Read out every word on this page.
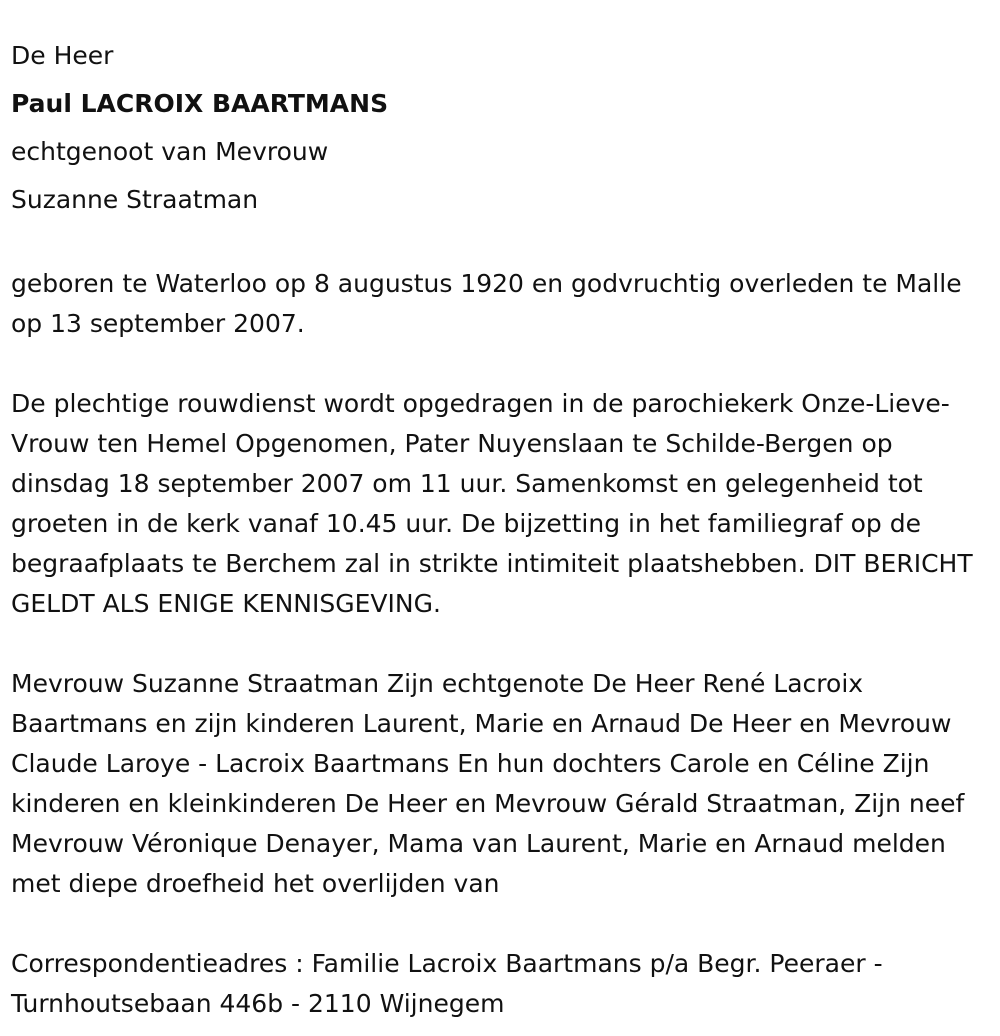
De Heer

Paul LACROIX BAARTMANS

echtgenoot van Mevrouw

Suzanne Straatman

geboren te Waterloo op 8 augustus 1920 en godvruchtig overleden te Malle op 13 september 2007.

De plechtige rouwdienst wordt opgedragen in de parochiekerk Onze-Lieve-Vrouw ten Hemel Opgenomen, Pater Nuyenslaan te Schilde-Bergen op dinsdag 18 september 2007 om 11 uur. Samenkomst en gelegenheid tot groeten in de kerk vanaf 10.45 uur. De bijzetting in het familiegraf op de begraafplaats te Berchem zal in strikte intimiteit plaatshebben. DIT BERICHT GELDT ALS ENIGE KENNISGEVING.

Mevrouw Suzanne Straatman Zijn echtgenote De Heer René Lacroix Baartmans en zijn kinderen Laurent, Marie en Arnaud De Heer en Mevrouw Claude Laroye - Lacroix Baartmans En hun dochters Carole en Céline Zijn kinderen en kleinkinderen De Heer en Mevrouw Gérald Straatman, Zijn neef Mevrouw Véronique Denayer, Mama van Laurent, Marie en Arnaud melden met diepe droefheid het overlijden van

Correspondentieadres : Familie Lacroix Baartmans p/a Begr. Peeraer - Turnhoutsebaan 446b - 2110 Wijnegem
